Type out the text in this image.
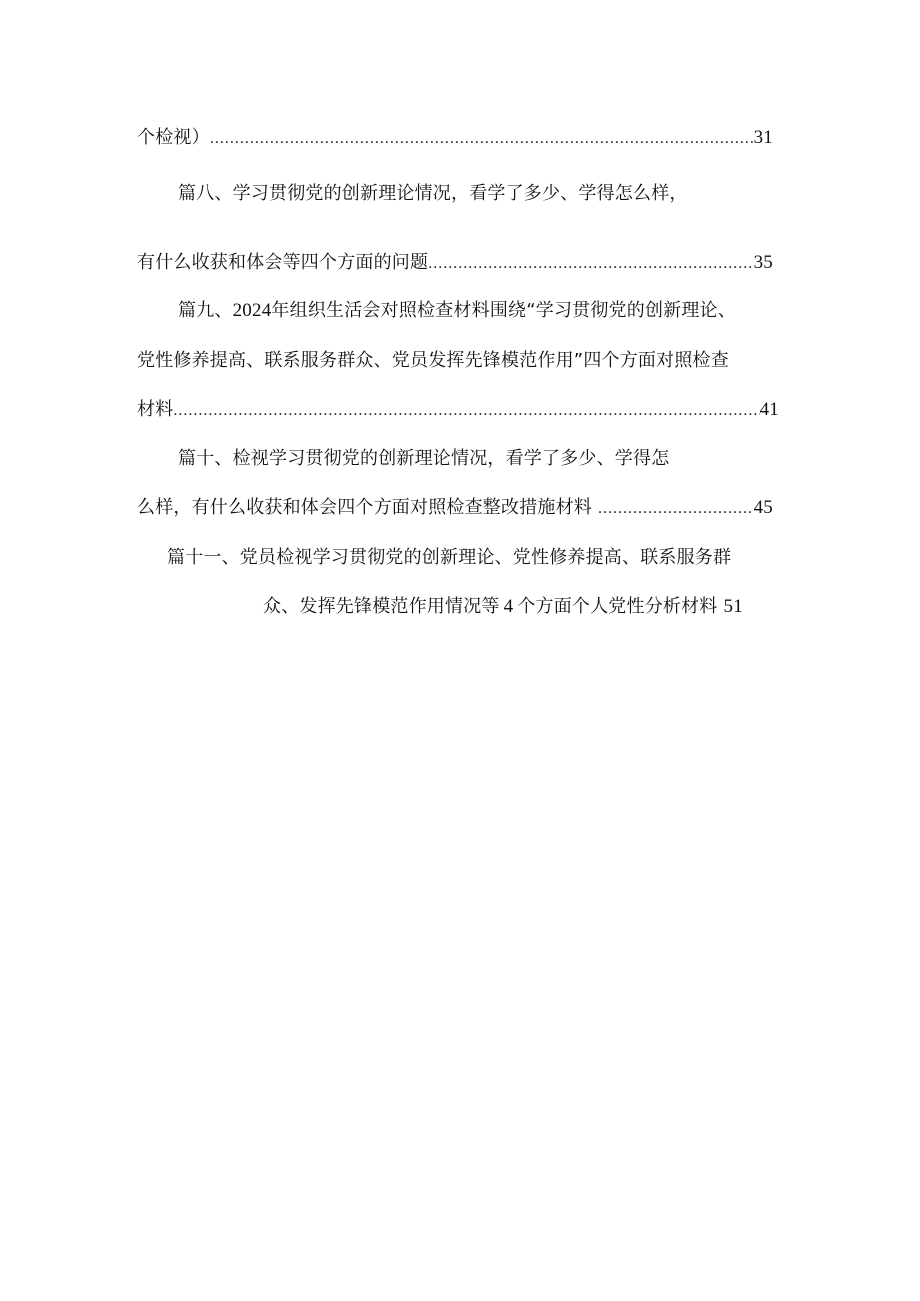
个检视） .....	31
篇八、学习贯彻党的创新理论情况，看学了多少、学得怎么样，
有什么收获和体会等四个方面的问题 .....	35
篇九、2024年组织生活会对照检查材料围绕“学习贯彻党的创新理论、
党性修养提高、联系服务群众、党员发挥先锋模范作用”四个方面对照检查
材料 .....	41
篇十、检视学习贯彻党的创新理论情况，看学了多少、学得怎
么样，有什么收获和体会四个方面对照检查整改措施材料 .....	45
篇十一、党员检视学习贯彻党的创新理论、党性修养提高、联系服务群
众、发挥先锋模范作用情况等 4 个方面个人党性分析材料 51
